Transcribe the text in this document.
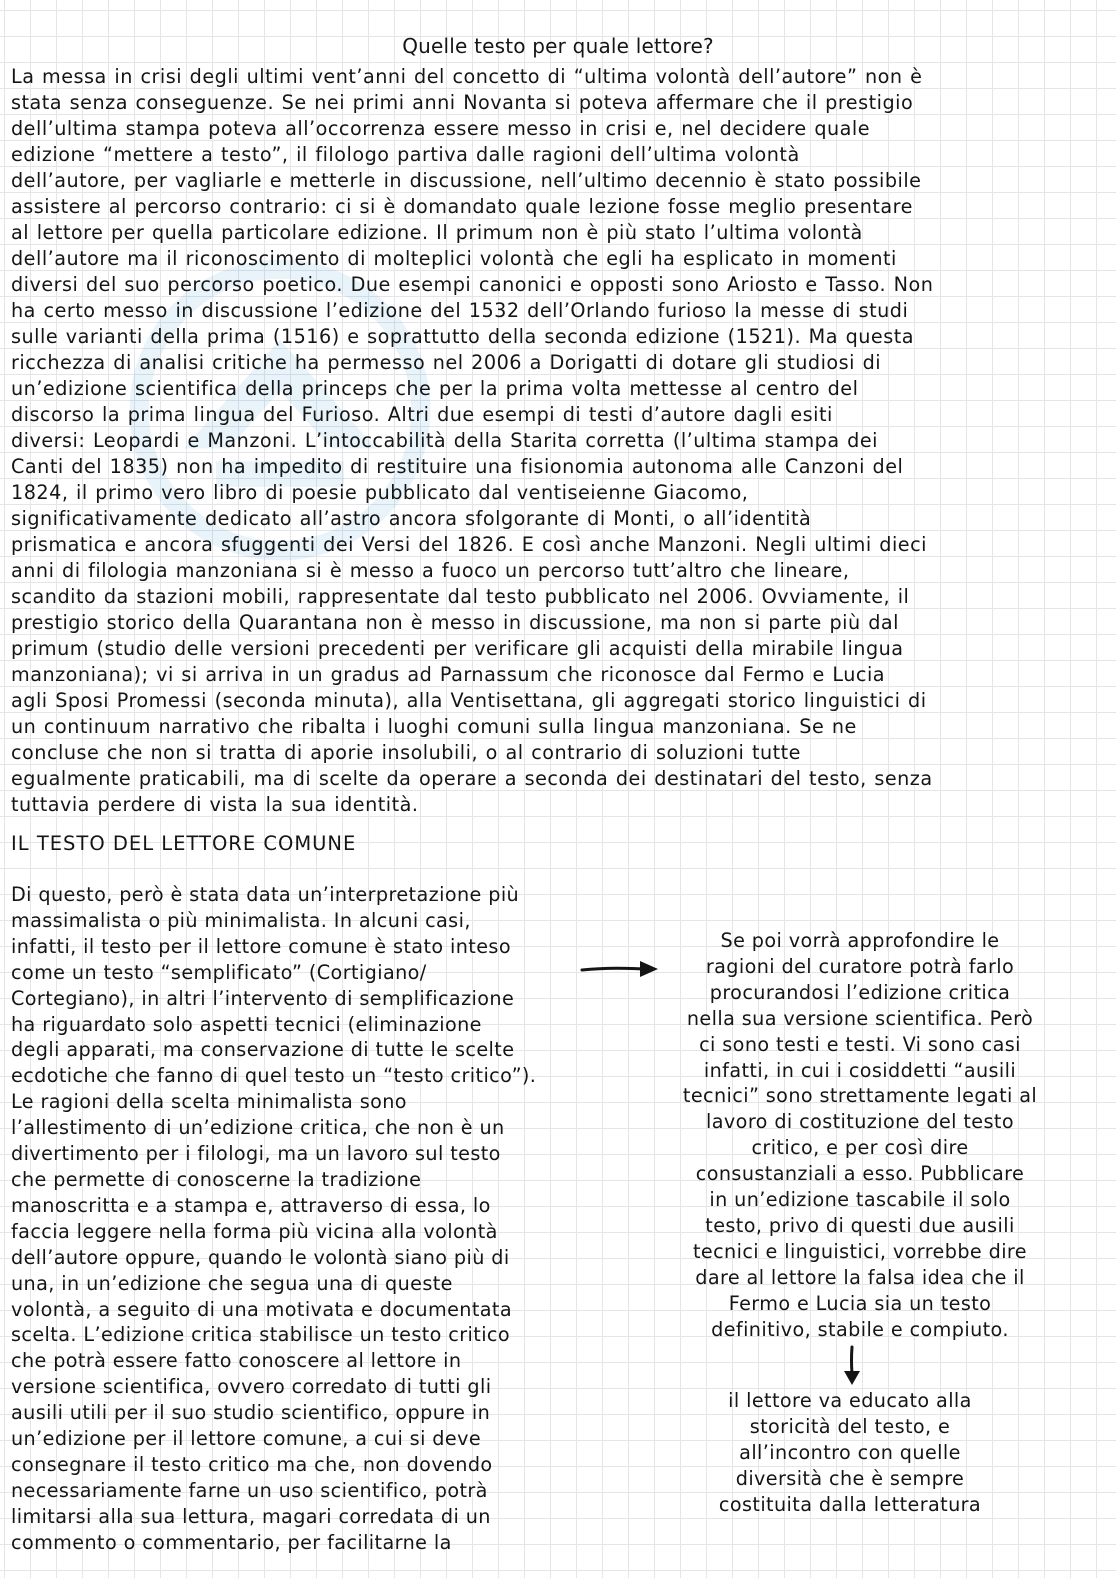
Quelle testo per quale lettore?

La messa in crisi degli ultimi vent’anni del concetto di “ultima volontà dell’autore” non è
stata senza conseguenze. Se nei primi anni Novanta si poteva affermare che il prestigio
dell’ultima stampa poteva all’occorrenza essere messo in crisi e, nel decidere quale
edizione “mettere a testo”, il filologo partiva dalle ragioni dell’ultima volontà
dell’autore, per vagliarle e metterle in discussione, nell’ultimo decennio è stato possibile
assistere al percorso contrario: ci si è domandato quale lezione fosse meglio presentare
al lettore per quella particolare edizione. Il primum non è più stato l’ultima volontà
dell’autore ma il riconoscimento di molteplici volontà che egli ha esplicato in momenti
diversi del suo percorso poetico. Due esempi canonici e opposti sono Ariosto e Tasso. Non
ha certo messo in discussione l’edizione del 1532 dell’Orlando furioso la messe di studi
sulle varianti della prima (1516) e soprattutto della seconda edizione (1521). Ma questa
ricchezza di analisi critiche ha permesso nel 2006 a Dorigatti di dotare gli studiosi di
un’edizione scientifica della princeps che per la prima volta mettesse al centro del
discorso la prima lingua del Furioso. Altri due esempi di testi d’autore dagli esiti
diversi: Leopardi e Manzoni. L’intoccabilità della Starita corretta (l’ultima stampa dei
Canti del 1835) non ha impedito di restituire una fisionomia autonoma alle Canzoni del
1824, il primo vero libro di poesie pubblicato dal ventiseienne Giacomo,
significativamente dedicato all’astro ancora sfolgorante di Monti, o all’identità
prismatica e ancora sfuggenti dei Versi del 1826. E così anche Manzoni. Negli ultimi dieci
anni di filologia manzoniana si è messo a fuoco un percorso tutt’altro che lineare,
scandito da stazioni mobili, rappresentate dal testo pubblicato nel 2006. Ovviamente, il
prestigio storico della Quarantana non è messo in discussione, ma non si parte più dal
primum (studio delle versioni precedenti per verificare gli acquisti della mirabile lingua
manzoniana); vi si arriva in un gradus ad Parnassum che riconosce dal Fermo e Lucia
agli Sposi Promessi (seconda minuta), alla Ventisettana, gli aggregati storico linguistici di
un continuum narrativo che ribalta i luoghi comuni sulla lingua manzoniana. Se ne
concluse che non si tratta di aporie insolubili, o al contrario di soluzioni tutte
egualmente praticabili, ma di scelte da operare a seconda dei destinatari del testo, senza
tuttavia perdere di vista la sua identità.

IL TESTO DEL LETTORE COMUNE

Di questo, però è stata data un’interpretazione più
massimalista o più minimalista. In alcuni casi,
infatti, il testo per il lettore comune è stato inteso
come un testo “semplificato” (Cortigiano/
Cortegiano), in altri l’intervento di semplificazione
ha riguardato solo aspetti tecnici (eliminazione
degli apparati, ma conservazione di tutte le scelte
ecdotiche che fanno di quel testo un “testo critico”).
Le ragioni della scelta minimalista sono
l’allestimento di un’edizione critica, che non è un
divertimento per i filologi, ma un lavoro sul testo
che permette di conoscerne la tradizione
manoscritta e a stampa e, attraverso di essa, lo
faccia leggere nella forma più vicina alla volontà
dell’autore oppure, quando le volontà siano più di
una, in un’edizione che segua una di queste
volontà, a seguito di una motivata e documentata
scelta. L’edizione critica stabilisce un testo critico
che potrà essere fatto conoscere al lettore in
versione scientifica, ovvero corredato di tutti gli
ausili utili per il suo studio scientifico, oppure in
un’edizione per il lettore comune, a cui si deve
consegnare il testo critico ma che, non dovendo
necessariamente farne un uso scientifico, potrà
limitarsi alla sua lettura, magari corredata di un
commento o commentario, per facilitarne la

Se poi vorrà approfondire le
ragioni del curatore potrà farlo
procurandosi l’edizione critica
nella sua versione scientifica. Però
ci sono testi e testi. Vi sono casi
infatti, in cui i cosiddetti “ausili
tecnici” sono strettamente legati al
lavoro di costituzione del testo
critico, e per così dire
consustanziali a esso. Pubblicare
in un’edizione tascabile il solo
testo, privo di questi due ausili
tecnici e linguistici, vorrebbe dire
dare al lettore la falsa idea che il
Fermo e Lucia sia un testo
definitivo, stabile e compiuto.

il lettore va educato alla
storicità del testo, e
all’incontro con quelle
diversità che è sempre
costituita dalla letteratura
